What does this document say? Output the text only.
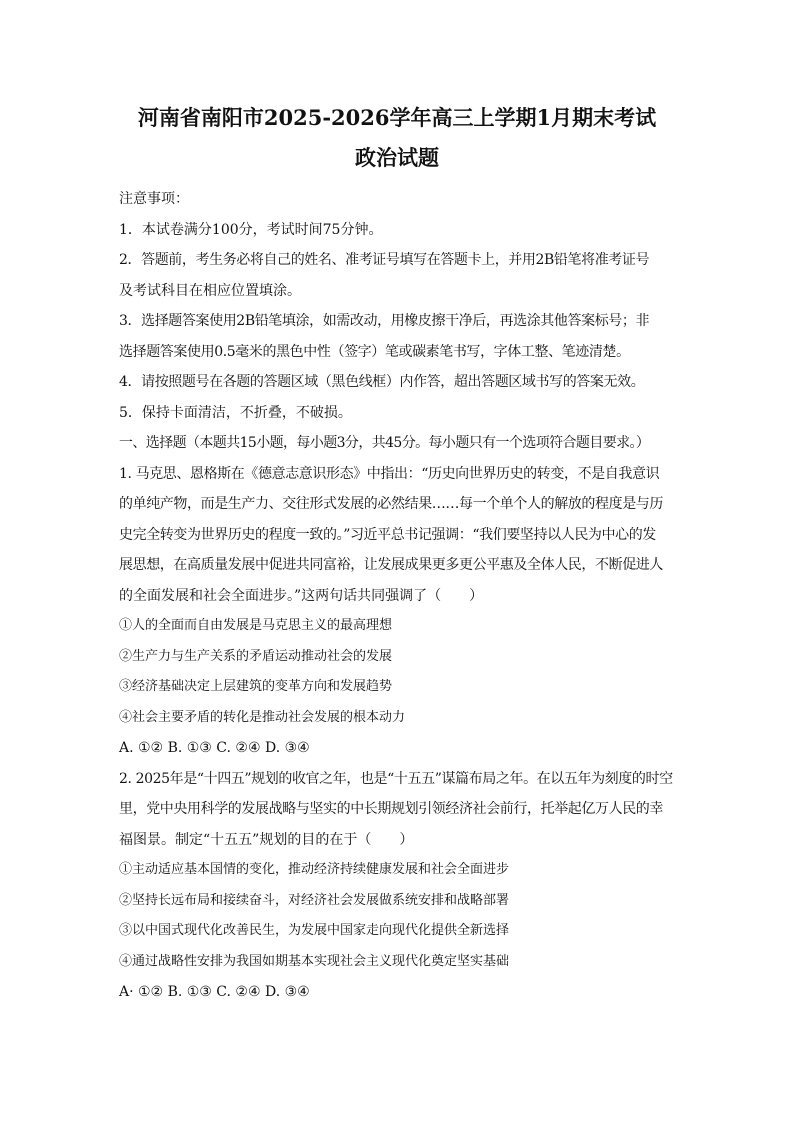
河南省南阳市2025-2026学年高三上学期1月期末考试
政治试题
注意事项：
1．本试卷满分100分，考试时间75分钟。
2．答题前，考生务必将自己的姓名、准考证号填写在答题卡上，并用2B铅笔将准考证号
及考试科目在相应位置填涂。
3．选择题答案使用2B铅笔填涂，如需改动，用橡皮擦干净后，再选涂其他答案标号；非
选择题答案使用0.5毫米的黑色中性（签字）笔或碳素笔书写，字体工整、笔迹清楚。
4．请按照题号在各题的答题区域（黑色线框）内作答，超出答题区域书写的答案无效。
5．保持卡面清洁，不折叠，不破损。
一、选择题（本题共15小题，每小题3分，共45分。每小题只有一个选项符合题目要求。）
1. 马克思、恩格斯在《德意志意识形态》中指出：“历史向世界历史的转变，不是自我意识
的单纯产物，而是生产力、交往形式发展的必然结果……每一个单个人的解放的程度是与历
史完全转变为世界历史的程度一致的。”习近平总书记强调：“我们要坚持以人民为中心的发
展思想，在高质量发展中促进共同富裕，让发展成果更多更公平惠及全体人民，不断促进人
的全面发展和社会全面进步。”这两句话共同强调了（　　）
①人的全面而自由发展是马克思主义的最高理想
②生产力与生产关系的矛盾运动推动社会的发展
③经济基础决定上层建筑的变革方向和发展趋势
④社会主要矛盾的转化是推动社会发展的根本动力
A. ①② B. ①③ C. ②④ D. ③④
2. 2025年是“十四五”规划的收官之年，也是“十五五”谋篇布局之年。在以五年为刻度的时空
里，党中央用科学的发展战略与坚实的中长期规划引领经济社会前行，托举起亿万人民的幸
福图景。制定“十五五”规划的目的在于（　　）
①主动适应基本国情的变化，推动经济持续健康发展和社会全面进步
②坚持长远布局和接续奋斗，对经济社会发展做系统安排和战略部署
③以中国式现代化改善民生，为发展中国家走向现代化提供全新选择
④通过战略性安排为我国如期基本实现社会主义现代化奠定坚实基础
A· ①② B. ①③ C. ②④ D. ③④
